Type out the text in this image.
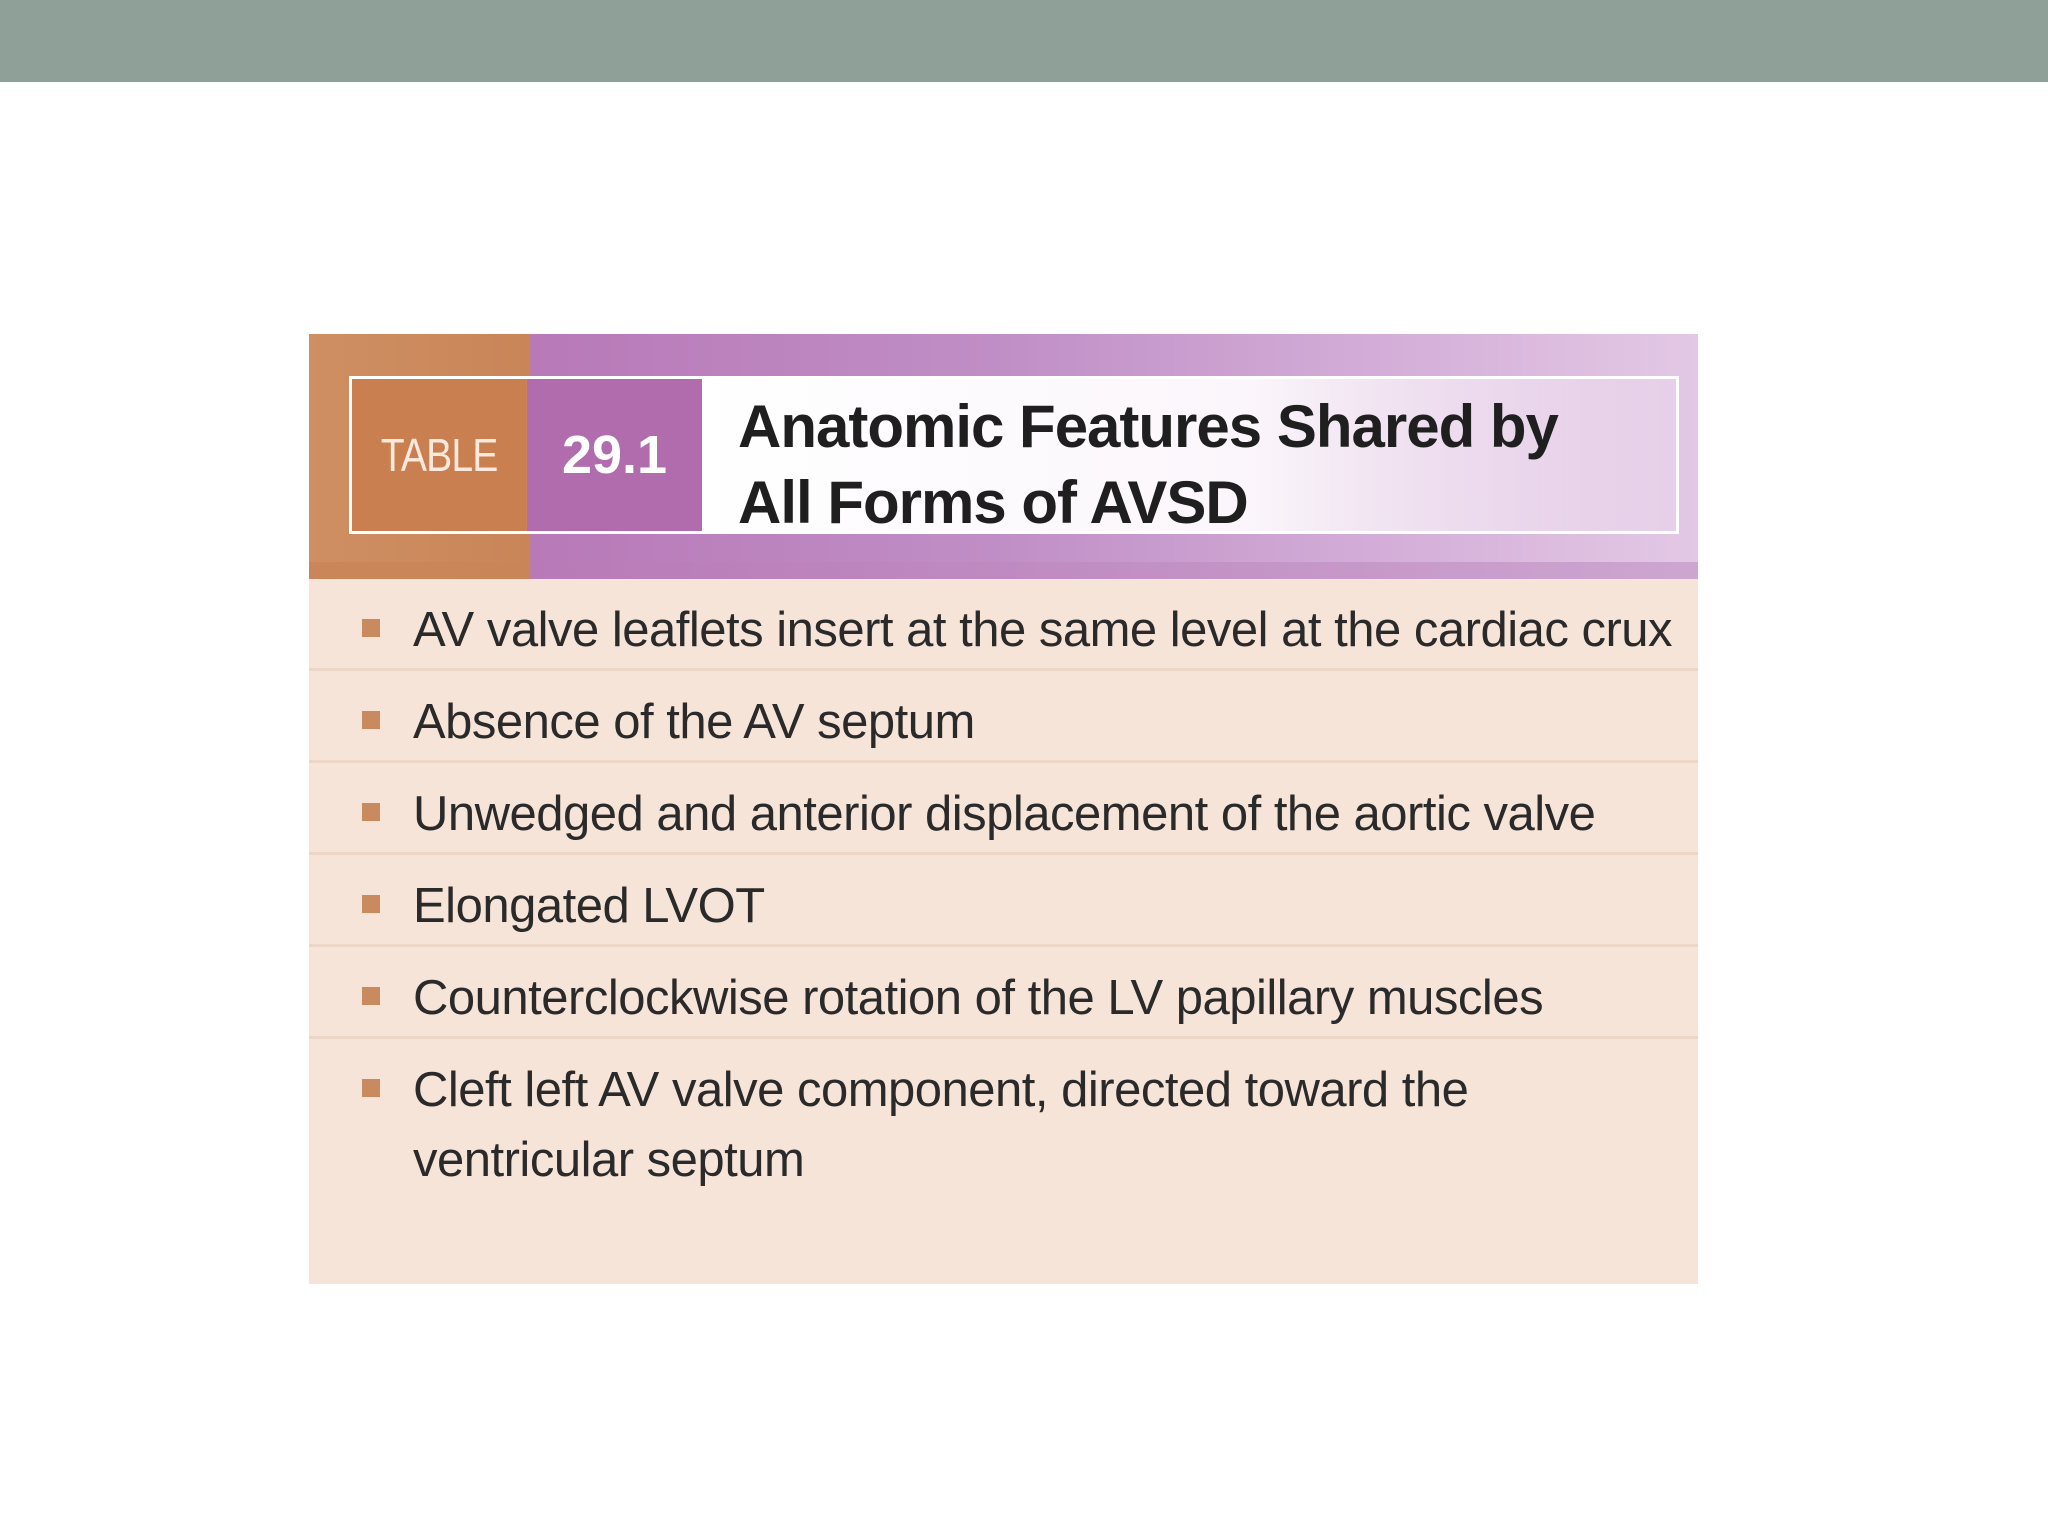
TABLE	29.1	Anatomic Features Shared by All Forms of AVSD
AV valve leaflets insert at the same level at the cardiac crux
Absence of the AV septum
Unwedged and anterior displacement of the aortic valve
Elongated LVOT
Counterclockwise rotation of the LV papillary muscles
Cleft left AV valve component, directed toward the ventricular septum
